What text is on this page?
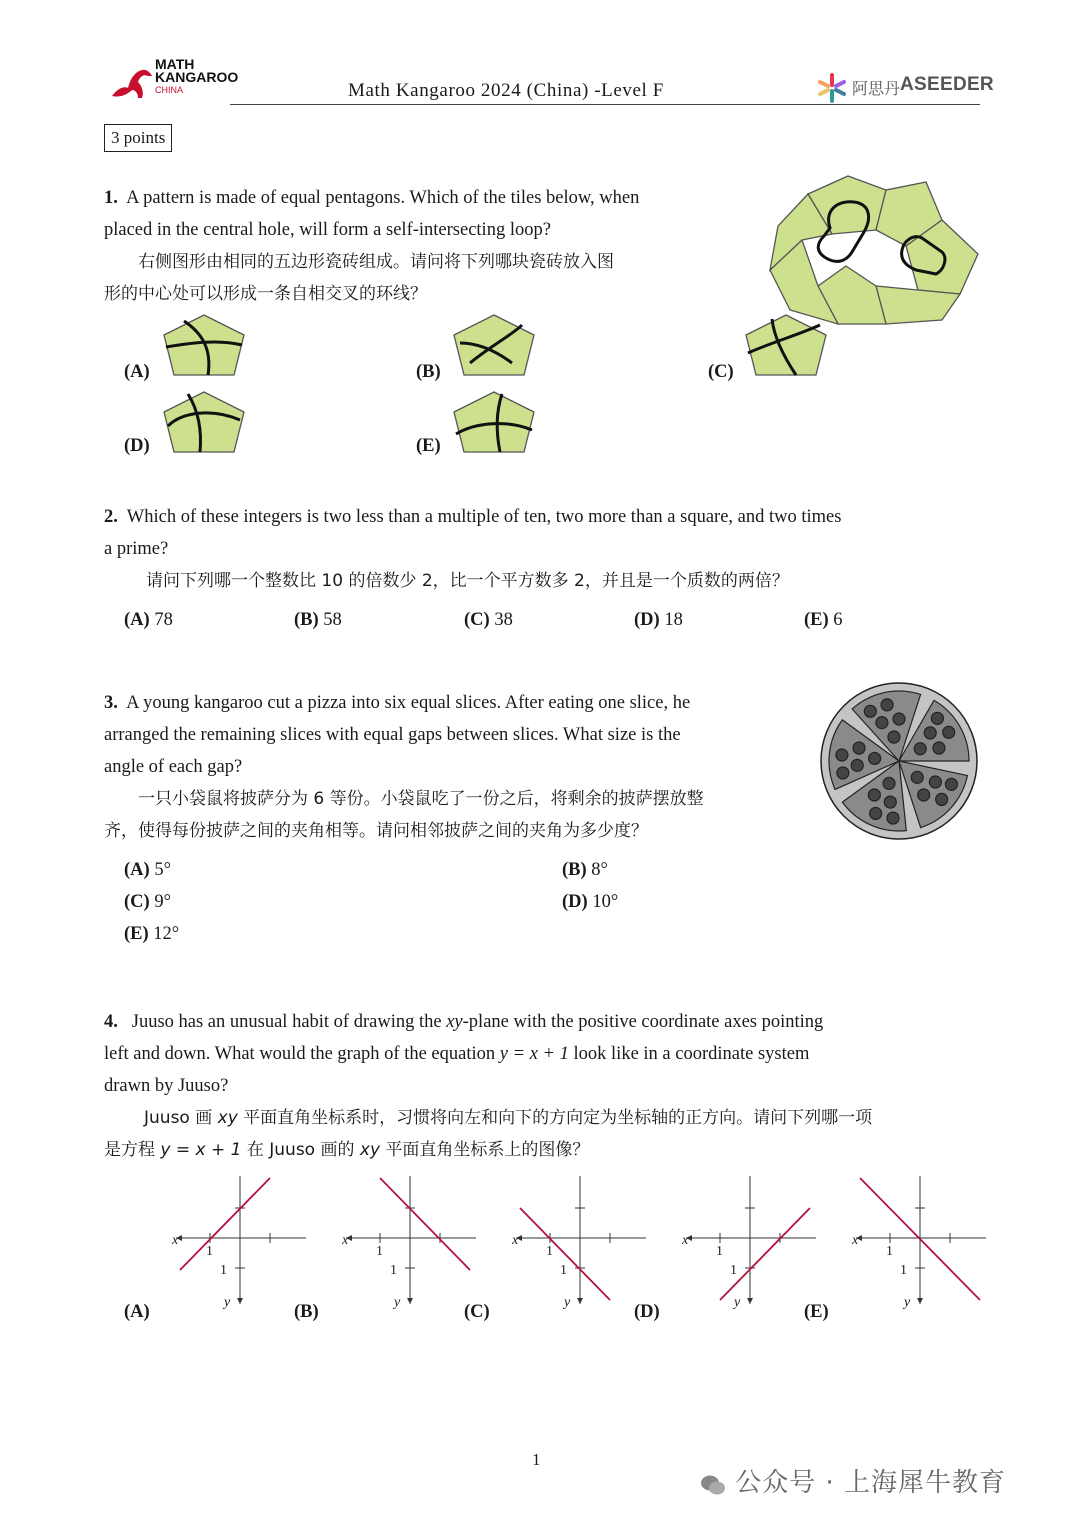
MATH
KANGAROO
CHINA	Math Kangaroo 2024 (China) -Level F	阿思丹 ASEEDER
3 points
1. A pattern is made of equal pentagons. Which of the tiles below, when
placed in the central hole, will form a self-intersecting loop?
右侧图形由相同的五边形瓷砖组成。请问将下列哪块瓷砖放入图
形的中心处可以形成一条自相交叉的环线？
(A)	(B)	(C)
(D)	(E)
2. Which of these integers is two less than a multiple of ten, two more than a square, and two times
a prime?
请问下列哪一个整数比 10 的倍数少 2，比一个平方数多 2，并且是一个质数的两倍？
(A) 78	(B) 58	(C) 38	(D) 18	(E) 6
3. A young kangaroo cut a pizza into six equal slices. After eating one slice, he
arranged the remaining slices with equal gaps between slices. What size is the
angle of each gap?
一只小袋鼠将披萨分为 6 等份。小袋鼠吃了一份之后，将剩余的披萨摆放整
齐，使得每份披萨之间的夹角相等。请问相邻披萨之间的夹角为多少度？
(A) 5°	(B) 8°
(C) 9°	(D) 10°
(E) 12°
4. Juuso has an unusual habit of drawing the xy-plane with the positive coordinate axes pointing
left and down. What would the graph of the equation y = x + 1 look like in a coordinate system
drawn by Juuso?
Juuso 画 xy 平面直角坐标系时，习惯将向左和向下的方向定为坐标轴的正方向。请问下列哪一项
是方程 y = x + 1 在 Juuso 画的 xy 平面直角坐标系上的图像？
(A)	(B)	(C)	(D)	(E)
x
y
1
1
x
y
1
1
x
y
1
1
x
y
1
1
x
y
1
1
1
公众号 · 上海犀牛教育
